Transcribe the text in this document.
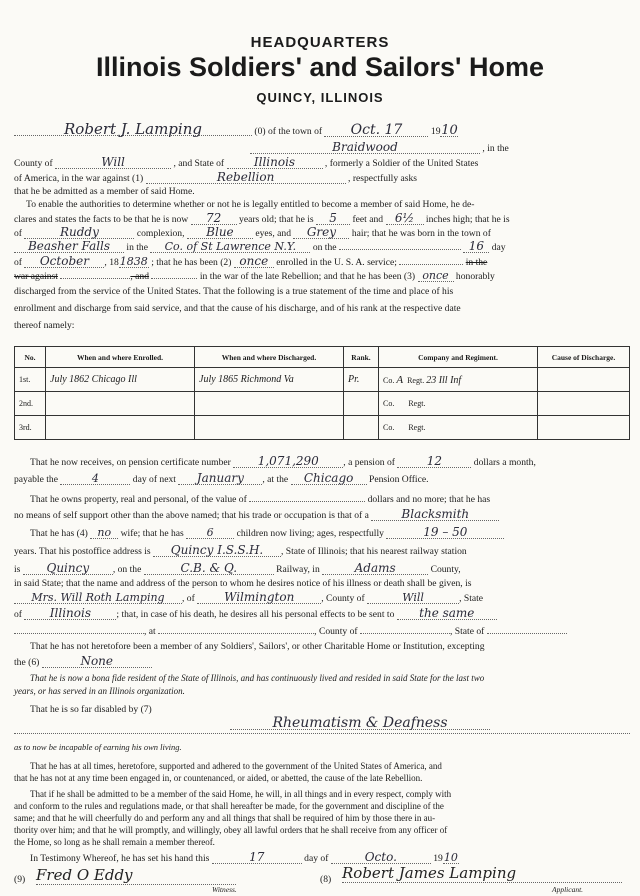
HEADQUARTERS
Illinois Soldiers' and Sailors' Home
QUINCY, ILLINOIS
Robert J. Lamping	(0) of the town of Oct. 17	1910
Braidwood	, in the
County of	Will	, and State of Illinois	, formerly a Soldier of the United States
of America, in the war against (1)	Rebellion	, respectfully asks
that he be admitted as a member of said Home.
To enable the authorities to determine whether or not he is legally entitled to become a member of said Home, he de-
clares and states the facts to be that he is now 72 years old; that he is 5 feet and 6½ inches high; that he is
of	Ruddy	complexion, Blue eyes, and Grey hair; that he was born in the town of
Beasher Falls in the Co. of St Lawrence N.Y. on the	16 day
of October , 181838 ; that he has been (2) once enrolled in the U. S. A. service;	in the
war against	, and	in the war of the late Rebellion; and that he has been (3) once honorably
discharged from the service of the United States. That the following is a true statement of the time and place of his
enrollment and discharge from said service, and that the cause of his discharge, and of his rank at the respective date
thereof namely:
No.	When and where Enrolled.	When and where Discharged.	Rank.	Company and Regiment.	Cause of Discharge.
1st.	July 1862 Chicago Ill	July 1865 Richmond Va	Pr.	Co. A Regt. 23 Ill Inf	
2nd.				Co. Regt.	
3rd.				Co. Regt.	
That he now receives, on pension certificate number 1,071,290	, a pension of	12	dollars a month,
payable the	4	day of next January , at the Chicago Pension Office.
That he owns property, real and personal, of the value of	dollars and no more; that he has
no means of self support other than the above named; that his trade or occupation is that of a	Blacksmith
That he has (4) no wife; that he has 6 children now living; ages, respectfully	19 – 50
years. That his postoffice address is Quincy I.S.S.H. , State of Illinois; that his nearest railway station
is Quincy , on the	C.B. & Q.	Railway, in	Adams	County,
in said State; that the name and address of the person to whom he desires notice of his illness or death shall be given, is
Mrs. Will Roth Lamping , of Wilmington	, County of	Will	, State
of Illinois	; that, in case of his death, he desires all his personal effects to be sent to the same
, at	, County of	, State of
That he has not heretofore been a member of any Soldiers', Sailors', or other Charitable Home or Institution, excepting
the (6)	None
That he is now a bona fide resident of the State of Illinois, and has continuously lived and resided in said State for the last two
years, or has served in an Illinois organization.
That he is so far disabled by (7)
Rheumatism & Deafness
as to now be incapable of earning his own living.
That he has at all times, heretofore, supported and adhered to the government of the United States of America, and
that he has not at any time been engaged in, or countenanced, or aided, or abetted, the cause of the late Rebellion.
That if he shall be admitted to be a member of the said Home, he will, in all things and in every respect, comply with
and conform to the rules and regulations made, or that shall hereafter be made, for the government and discipline of the
same; and that he will cheerfully do and perform any and all things that shall be required of him by those there in au-
thority over him; and that he will promptly, and willingly, obey all lawful orders that he shall receive from any officer of
the Home, so long as he shall remain a member thereof.
In Testimony Whereof, he has set his hand this	17	day of	Octo.	1910
(9) Fred O Eddy
Witness.
(8) Robert James Lamping
Applicant.
